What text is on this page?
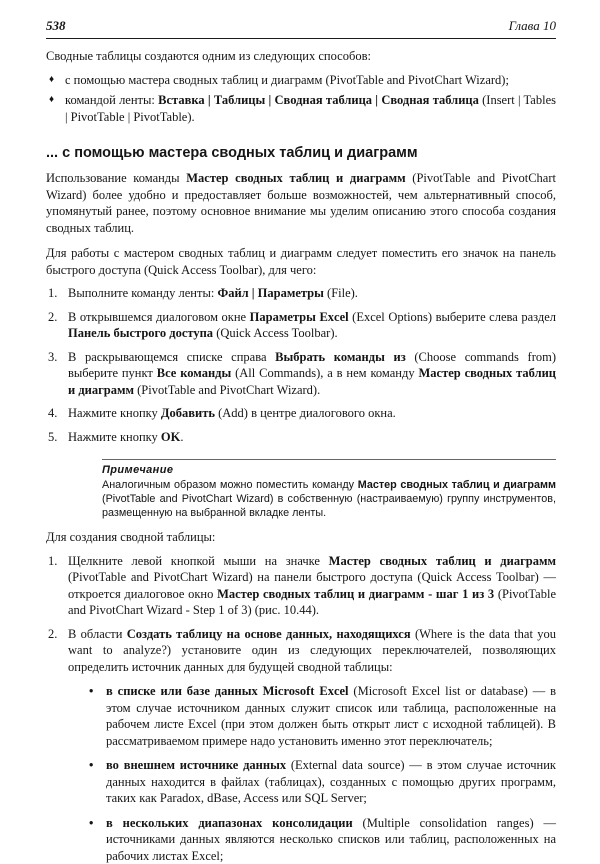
538	Глава 10

Сводные таблицы создаются одним из следующих способов:

♦ с помощью мастера сводных таблиц и диаграмм (PivotTable and PivotChart Wizard);
♦ командой ленты: Вставка | Таблицы | Сводная таблица | Сводная таблица (Insert | Tables | PivotTable | PivotTable).
... с помощью мастера сводных таблиц и диаграмм

Использование команды Мастер сводных таблиц и диаграмм (PivotTable and PivotChart Wizard) более удобно и предоставляет больше возможностей, чем альтернативный способ, упомянутый ранее, поэтому основное внимание мы уделим описанию этого способа создания сводных таблиц.

Для работы с мастером сводных таблиц и диаграмм следует поместить его значок на панель быстрого доступа (Quick Access Toolbar), для чего:

1. Выполните команду ленты: Файл | Параметры (File).
2. В открывшемся диалоговом окне Параметры Excel (Excel Options) выберите слева раздел Панель быстрого доступа (Quick Access Toolbar).
3. В раскрывающемся списке справа Выбрать команды из (Choose commands from) выберите пункт Все команды (All Commands), а в нем команду Мастер сводных таблиц и диаграмм (PivotTable and PivotChart Wizard).
4. Нажмите кнопку Добавить (Add) в центре диалогового окна.
5. Нажмите кнопку OK.
Примечание
Аналогичным образом можно поместить команду Мастер сводных таблиц и диаграмм (PivotTable and PivotChart Wizard) в собственную (настраиваемую) группу инструментов, размещенную на выбранной вкладке ленты.

Для создания сводной таблицы:

1. Щелкните левой кнопкой мыши на значке Мастер сводных таблиц и диаграмм (PivotTable and PivotChart Wizard) на панели быстрого доступа (Quick Access Toolbar) — откроется диалоговое окно Мастер сводных таблиц и диаграмм - шаг 1 из 3 (PivotTable and PivotChart Wizard - Step 1 of 3) (рис. 10.44).
2. В области Создать таблицу на основе данных, находящихся (Where is the data that you want to analyze?) установите один из следующих переключателей, позволяющих определить источник данных для будущей сводной таблицы:
• в списке или базе данных Microsoft Excel (Microsoft Excel list or database) — в этом случае источником данных служит список или таблица, расположенные на рабочем листе Excel (при этом должен быть открыт лист с исходной таблицей). В рассматриваемом примере надо установить именно этот переключатель;
• во внешнем источнике данных (External data source) — в этом случае источник данных находится в файлах (таблицах), созданных с помощью других программ, таких как Paradox, dBase, Access или SQL Server;
• в нескольких диапазонах консолидации (Multiple consolidation ranges) — источниками данных являются несколько списков или таблиц, расположенных на рабочих листах Excel;
